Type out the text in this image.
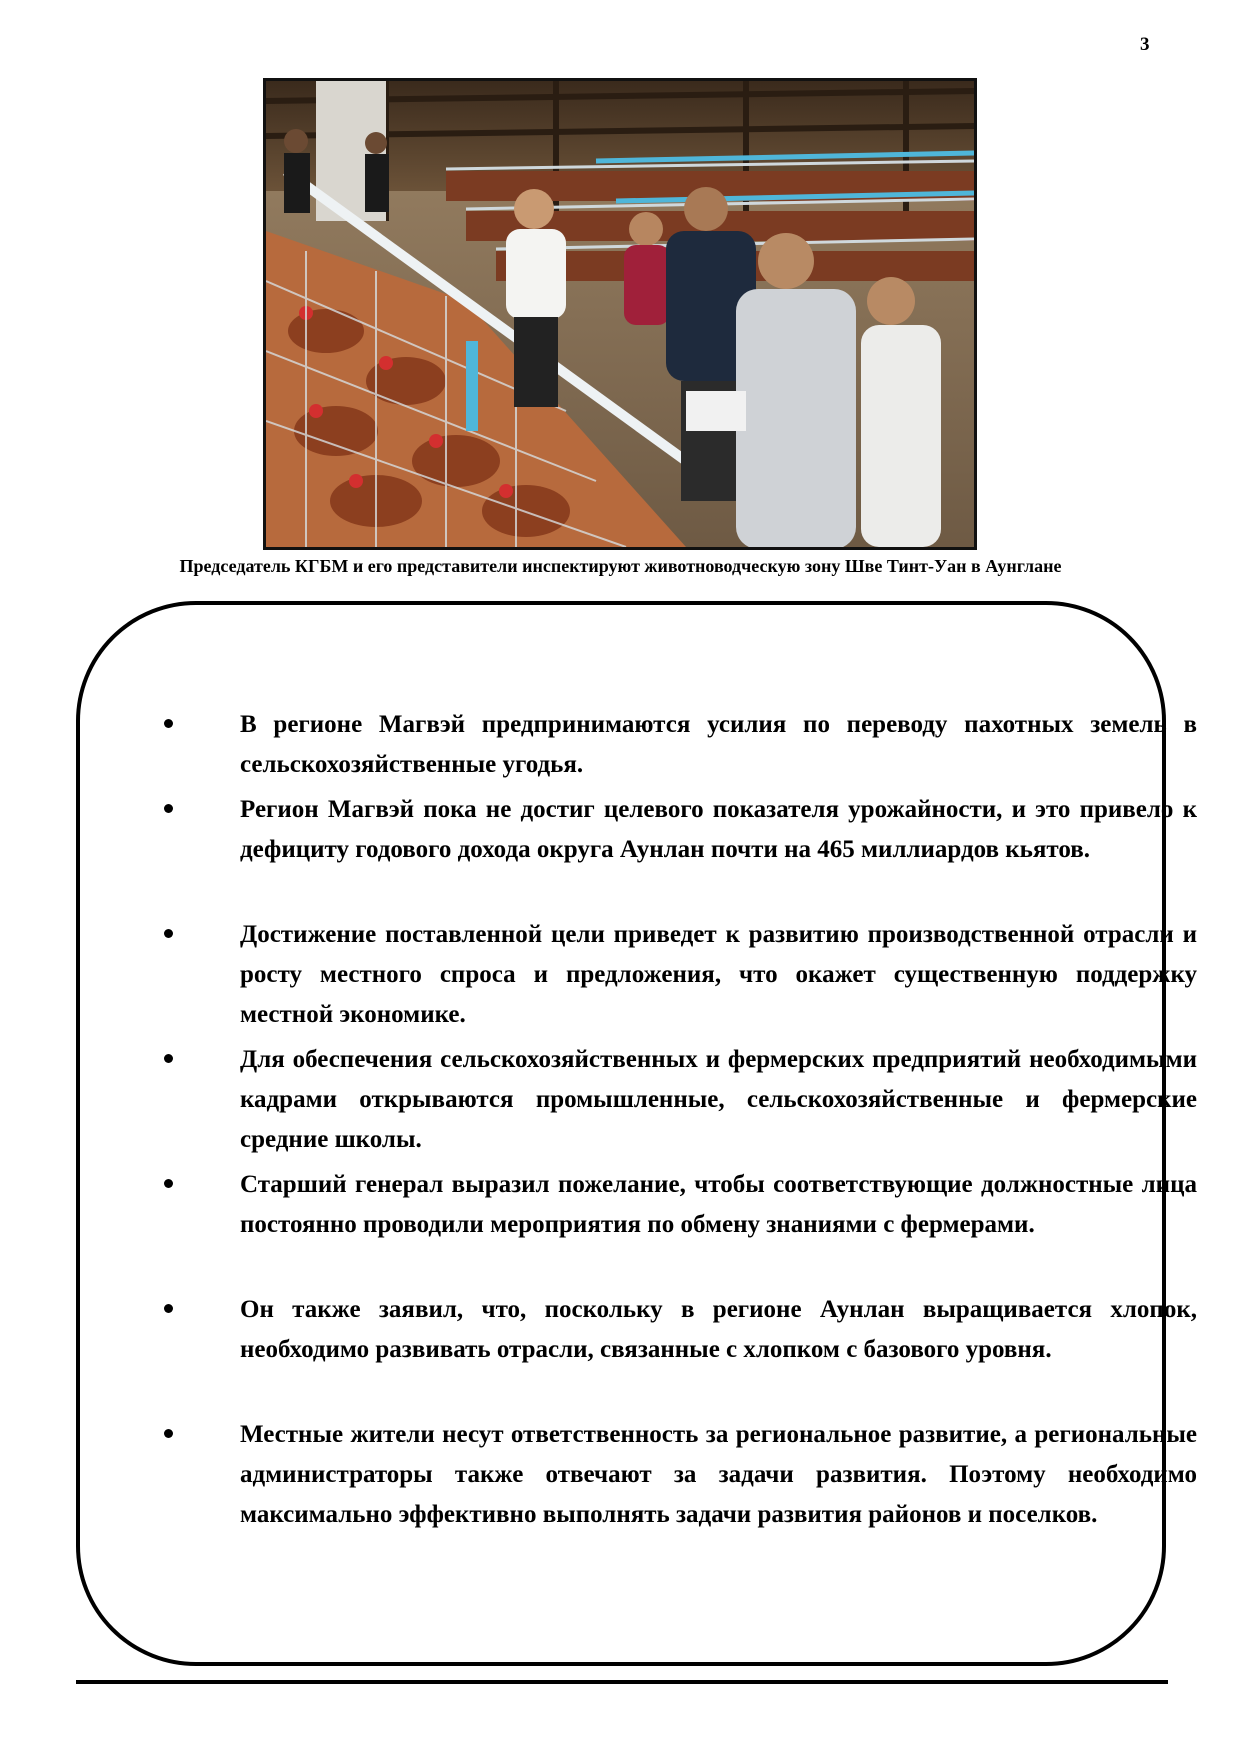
3
Председатель КГБМ и его представители инспектируют животноводческую зону Шве Тинт-Уан в Аунглане
В регионе Магвэй предпринимаются усилия по переводу пахотных земель в сельскохозяйственные угодья.
Регион Магвэй пока не достиг целевого показателя урожайности, и это привело к дефициту годового дохода округа Аунлан почти на 465 миллиардов кьятов.
Достижение поставленной цели приведет к развитию производственной отрасли и росту местного спроса и предложения, что окажет существенную поддержку местной экономике.
Для обеспечения сельскохозяйственных и фермерских предприятий необходимыми кадрами открываются промышленные, сельскохозяйственные и фермерские средние школы.
Старший генерал выразил пожелание, чтобы соответствующие должностные лица постоянно проводили мероприятия по обмену знаниями с фермерами.
Он также заявил, что, поскольку в регионе Аунлан выращивается хлопок, необходимо развивать отрасли, связанные с хлопком с базового уровня.
Местные жители несут ответственность за региональное развитие, а региональные администраторы также отвечают за задачи развития. Поэтому необходимо максимально эффективно выполнять задачи развития районов и поселков.
